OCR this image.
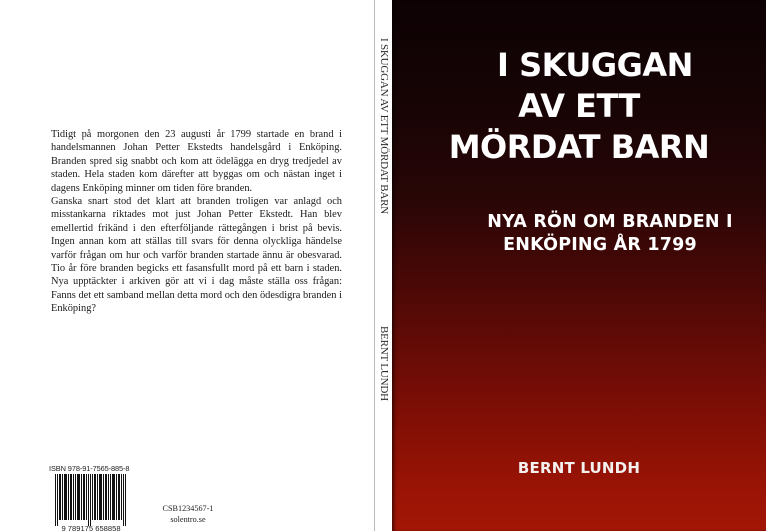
Tidigt på morgonen den 23 augusti år 1799 startade en brand i handelsmannen Johan Petter Ekstedts handelsgård i Enköping. Branden spred sig snabbt och kom att ödelägga en dryg tredjedel av staden. Hela staden kom därefter att byggas om och nästan inget i dagens Enköping minner om tiden före branden.

Ganska snart stod det klart att branden troligen var anlagd och misstankarna riktades mot just Johan Petter Ekstedt. Han blev emellertid frikänd i den efterföljande rättegången i brist på bevis. Ingen annan kom att ställas till svars för denna olyckliga händelse varför frågan om hur och varför branden startade ännu är obesvarad. Tio år före branden begicks ett fasansfullt mord på ett barn i staden. Nya upptäckter i arkiven gör att vi i dag måste ställa oss frågan: Fanns det ett samband mellan detta mord och den ödesdigra branden i Enköping?

ISBN 978-91-7565-885-8
9 789175 658858
CSB1234567-1
solentro.se
I SKUGGAN AV ETT MÖRDAT BARN
BERNT LUNDH
I SKUGGAN
AV ETT
MÖRDAT BARN
NYA RÖN OM BRANDEN I
ENKÖPING ÅR 1799
BERNT LUNDH
